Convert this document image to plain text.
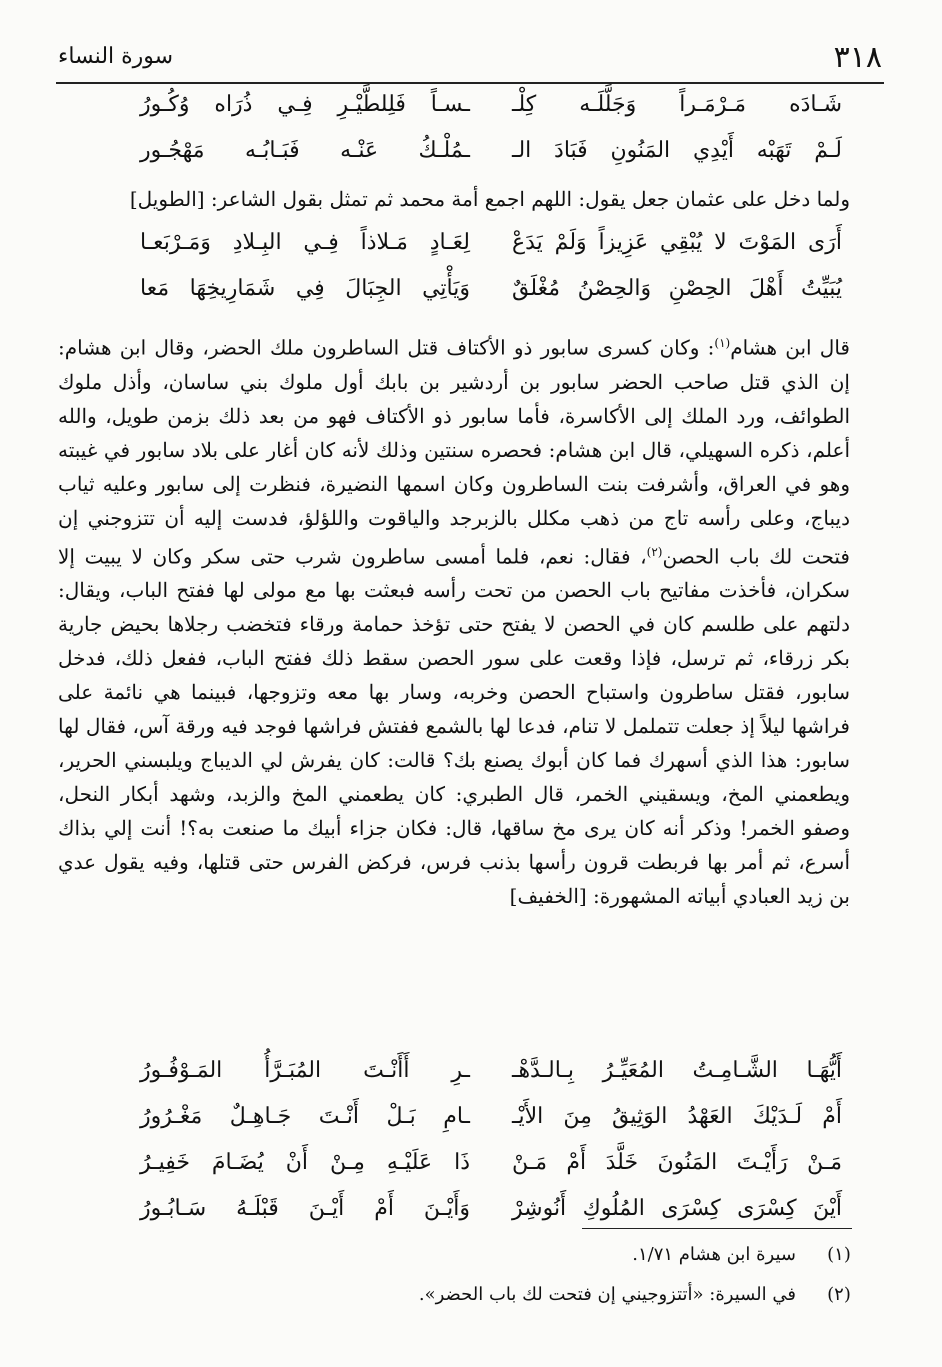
٣١٨
سورة النساء
شَـادَه مَـرْمَـراً وَجَلَّلَـه كِلْـ
ـسـاً فَلِلطَّيْـرِ فِـي ذُرَاه وُكُـورُ
لَـمْ تَهَبْه أَيْدِي المَنُونِ فَبَادَ الـ
ـمُلْـكُ عَنْـه فَبَـابُـه مَهْجُـور

ولما دخل على عثمان جعل يقول: اللهم اجمع أمة محمد ثم تمثل بقول الشاعر: [الطويل]

أَرَى المَوْتَ لا يُبْقِي عَزِيزاً وَلَمْ يَدَعْ
لِعَـادٍ مَـلاذاً فِـي البِـلادِ وَمَـرْبَعـا
يُبَيِّتُ أَهْلَ الحِصْنِ وَالحِصْنُ مُغْلَقٌ
وَيَأْتِي الجِبَالَ فِي شَمَارِيخِهَا مَعا

قال ابن هشام$^{(١)}$: وكان كسرى سابور ذو الأكتاف قتل الساطرون ملك الحضر، وقال ابن هشام: إن الذي قتل صاحب الحضر سابور بن أردشير بن بابك أول ملوك بني ساسان، وأذل ملوك الطوائف، ورد الملك إلى الأكاسرة، فأما سابور ذو الأكتاف فهو من بعد ذلك بزمن طويل، والله أعلم، ذكره السهيلي، قال ابن هشام: فحصره سنتين وذلك لأنه كان أغار على بلاد سابور في غيبته وهو في العراق، وأشرفت بنت الساطرون وكان اسمها النضيرة، فنظرت إلى سابور وعليه ثياب ديباج، وعلى رأسه تاج من ذهب مكلل بالزبرجد والياقوت واللؤلؤ، فدست إليه أن تتزوجني إن فتحت لك باب الحصن$^{(٢)}$، فقال: نعم، فلما أمسى ساطرون شرب حتى سكر وكان لا يبيت إلا سكران، فأخذت مفاتيح باب الحصن من تحت رأسه فبعثت بها مع مولى لها ففتح الباب، ويقال: دلتهم على طلسم كان في الحصن لا يفتح حتى تؤخذ حمامة ورقاء فتخضب رجلاها بحيض جارية بكر زرقاء، ثم ترسل، فإذا وقعت على سور الحصن سقط ذلك ففتح الباب، ففعل ذلك، فدخل سابور، فقتل ساطرون واستباح الحصن وخربه، وسار بها معه وتزوجها، فبينما هي نائمة على فراشها ليلاً إذ جعلت تتململ لا تنام، فدعا لها بالشمع ففتش فراشها فوجد فيه ورقة آس، فقال لها سابور: هذا الذي أسهرك فما كان أبوك يصنع بك؟ قالت: كان يفرش لي الديباج ويلبسني الحرير، ويطعمني المخ، ويسقيني الخمر، قال الطبري: كان يطعمني المخ والزبد، وشهد أبكار النحل، وصفو الخمر! وذكر أنه كان يرى مخ ساقها، قال: فكان جزاء أبيك ما صنعت به؟! أنت إلي بذاك أسرع، ثم أمر بها فربطت قرون رأسها بذنب فرس، فركض الفرس حتى قتلها، وفيه يقول عدي بن زيد العبادي أبياته المشهورة: [الخفيف]

أَيُّهَـا الشَّـامِـتُ المُعَيِّـرُ بِـالـدَّهْـ
ـرِ أَأَنْـتَ المُبَـرَّأُ المَـوْفُـورُ
أَمْ لَـدَيْكَ العَهْدُ الوَثِيقُ مِنَ الأَيْـ
ـامِ بَـلْ أَنْـتَ جَـاهِـلٌ مَغْـرُورُ
مَـنْ رَأَيْـتَ المَنُونَ خَلَّدَ أَمْ مَـنْ
ذَا عَلَيْـهِ مِـنْ أَنْ يُضَـامَ خَفِيـرُ
أَيْنَ كِسْرَى كِسْرَى المُلُوكِ أَنُوشِرْ
وَأَيْـنَ أَمْ أَيْـنَ قَبْلَـهُ سَـابُـورُ
(١)
سيرة ابن هشام ١/٧١.
(٢)
في السيرة: «أتتزوجيني إن فتحت لك باب الحضر».
